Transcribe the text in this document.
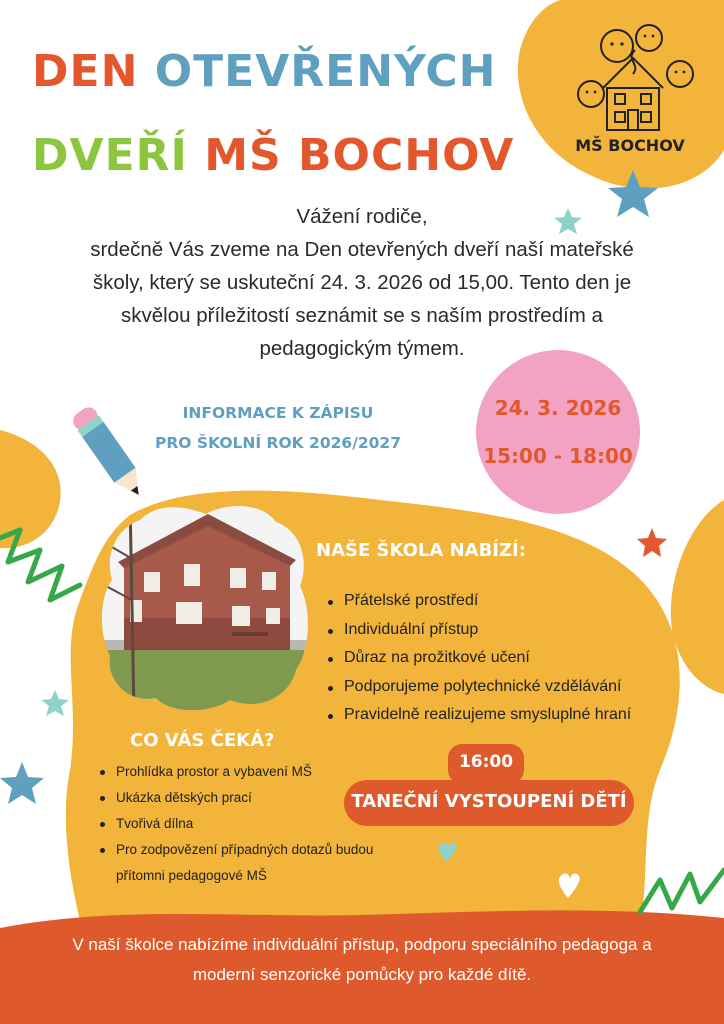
MŠ BOCHOV
DEN OTEVŘENÝCH
DVEŘÍ MŠ BOCHOV
Vážení rodiče,
srdečně Vás zveme na Den otevřených dveří naší mateřské
školy, který se uskuteční 24. 3. 2026 od 15,00. Tento den je
skvělou příležitostí seznámit se s naším prostředím a
pedagogickým týmem.
INFORMACE K ZÁPISU
PRO ŠKOLNÍ ROK 2026/2027
24. 3. 2026
15:00 - 18:00
NAŠE ŠKOLA NABÍZÍ:
Přátelské prostředí
Individuální přístup
Důraz na prožitkové učení
Podporujeme polytechnické vzdělávání
Pravidelně realizujeme smysluplné hraní
CO VÁS ČEKÁ?
Prohlídka prostor a vybavení MŠ
Ukázka dětských prací
Tvořivá dílna
Pro zodpovězení případných dotazů budou
přítomni pedagogové MŠ
16:00
TANEČNÍ VYSTOUPENÍ DĚTÍ
V naší školce nabízíme individuální přístup, podporu speciálního pedagoga a
moderní senzorické pomůcky pro každé dítě.
